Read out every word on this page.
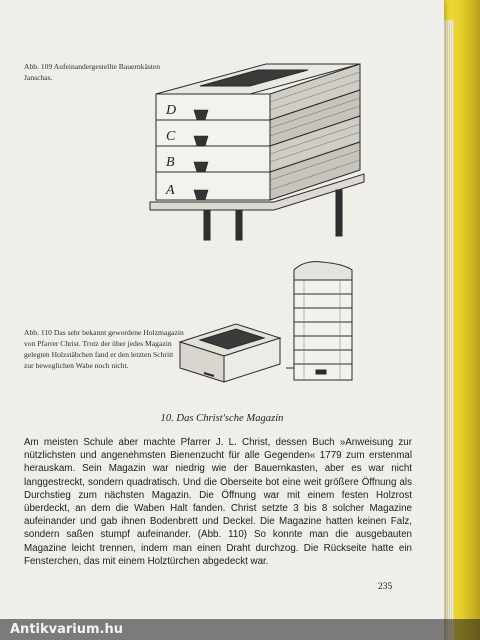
Abb. 109 Aufeinandergestellte Bauernkästen Janschas.
D
C
B
A
Abb. 110 Das sehr bekannt gewordene Holzmagazin von Pfarrer Christ. Trotz der über jedes Magazin gelegten Holzstäbchen fand er den letzten Schritt zur beweglichen Wabe noch nicht.
10. Das Christ'sche Magazin

Am meisten Schule aber machte Pfarrer J. L. Christ, dessen Buch »Anweisung zur nützlichsten und angenehmsten Bienenzucht für alle Gegenden« 1779 zum erstenmal herauskam. Sein Magazin war niedrig wie der Bauernkasten, aber es war nicht langgestreckt, sondern quadratisch. Und die Oberseite bot eine weit größere Öffnung als Durchstieg zum nächsten Magazin. Die Öffnung war mit einem festen Holzrost überdeckt, an dem die Waben Halt fanden. Christ setzte 3 bis 8 solcher Magazine aufeinander und gab ihnen Bodenbrett und Deckel. Die Magazine hatten keinen Falz, sondern saßen stumpf aufeinander. (Abb. 110) So konnte man die ausgebauten Magazine leicht trennen, indem man einen Draht durchzog. Die Rückseite hatte ein Fensterchen, das mit einem Holztürchen abgedeckt war.

235
Antikvarium.hu
